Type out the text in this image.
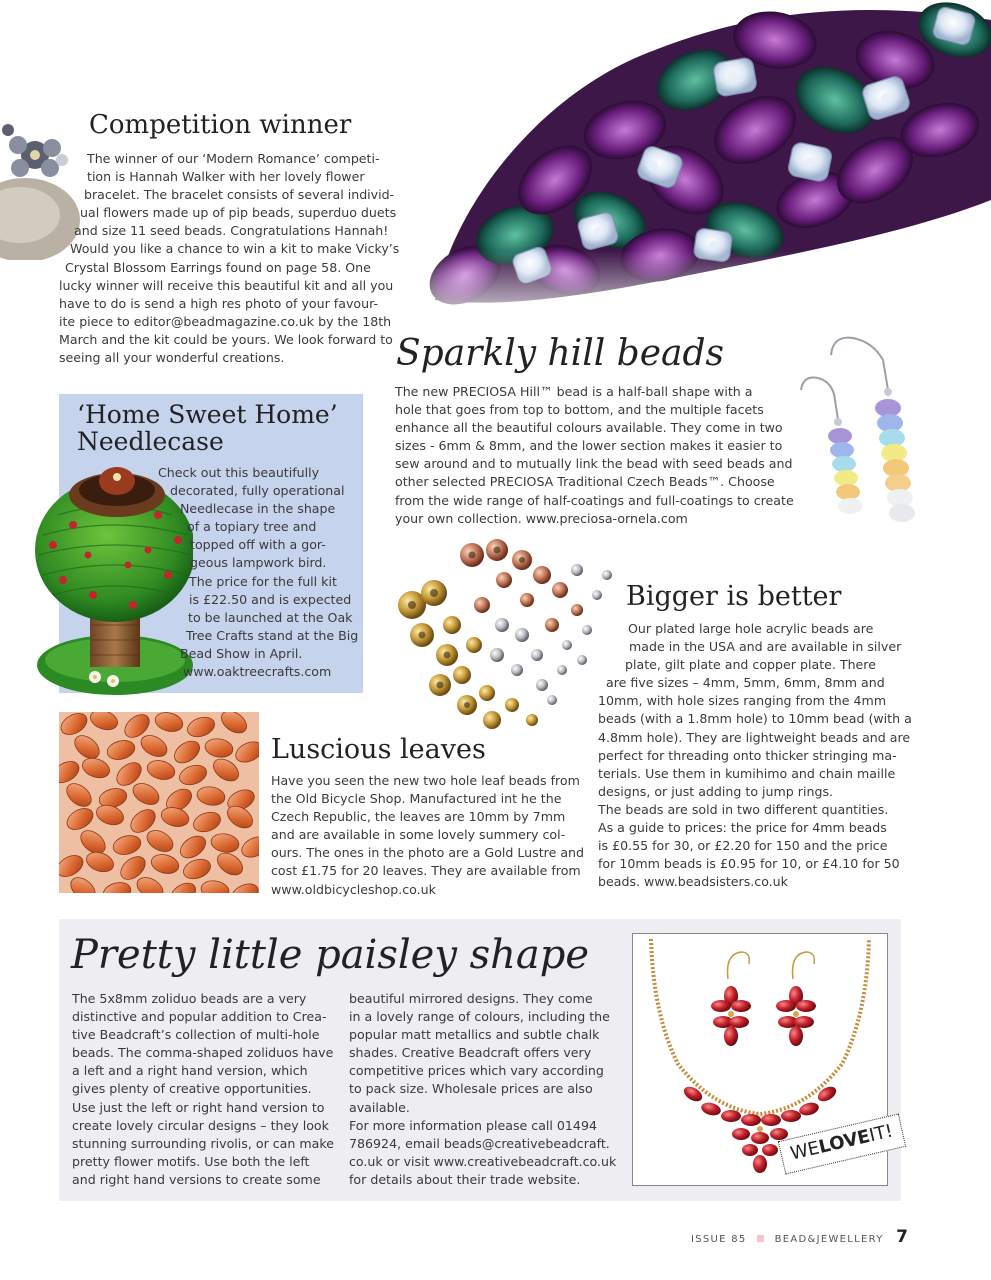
Competition winner
The winner of our ‘Modern Romance’ competi-
tion is Hannah Walker with her lovely flower
bracelet. The bracelet consists of several individ-
ual flowers made up of pip beads, superduo duets
and size 11 seed beads. Congratulations Hannah!
Would you like a chance to win a kit to make Vicky’s
Crystal Blossom Earrings found on page 58. One
lucky winner will receive this beautiful kit and all you
have to do is send a high res photo of your favour-
ite piece to editor@beadmagazine.co.uk by the 18th
March and the kit could be yours. We look forward to
seeing all your wonderful creations.
‘Home Sweet Home’
Needlecase
Check out this beautifully
decorated, fully operational
Needlecase in the shape
of a topiary tree and
topped off with a gor-
geous lampwork bird.
The price for the full kit
is £22.50 and is expected
to be launched at the Oak
Tree Crafts stand at the Big
Bead Show in April.
www.oaktreecrafts.com
Sparkly hill beads
The new PRECIOSA Hill™ bead is a half-ball shape with a
hole that goes from top to bottom, and the multiple facets
enhance all the beautiful colours available. They come in two
sizes - 6mm & 8mm, and the lower section makes it easier to
sew around and to mutually link the bead with seed beads and
other selected PRECIOSA Traditional Czech Beads™. Choose
from the wide range of half-coatings and full-coatings to create
your own collection. www.preciosa-ornela.com
Bigger is better
Our plated large hole acrylic beads are
made in the USA and are available in silver
plate, gilt plate and copper plate. There
are five sizes – 4mm, 5mm, 6mm, 8mm and
10mm, with hole sizes ranging from the 4mm
beads (with a 1.8mm hole) to 10mm bead (with a
4.8mm hole). They are lightweight beads and are
perfect for threading onto thicker stringing ma-
terials. Use them in kumihimo and chain maille
designs, or just adding to jump rings.
The beads are sold in two different quantities.
As a guide to prices: the price for 4mm beads
is £0.55 for 30, or £2.20 for 150 and the price
for 10mm beads is £0.95 for 10, or £4.10 for 50
beads. www.beadsisters.co.uk
Luscious leaves
Have you seen the new two hole leaf beads from
the Old Bicycle Shop. Manufactured int he the
Czech Republic, the leaves are 10mm by 7mm
and are available in some lovely summery col-
ours. The ones in the photo are a Gold Lustre and
cost £1.75 for 20 leaves. They are available from
www.oldbicycleshop.co.uk
Pretty little paisley shape
The 5x8mm zoliduo beads are a very
distinctive and popular addition to Crea-
tive Beadcraft’s collection of multi-hole
beads. The comma-shaped zoliduos have
a left and a right hand version, which
gives plenty of creative opportunities.
Use just the left or right hand version to
create lovely circular designs – they look
stunning surrounding rivolis, or can make
pretty flower motifs. Use both the left
and right hand versions to create some
beautiful mirrored designs. They come
in a lovely range of colours, including the
popular matt metallics and subtle chalk
shades. Creative Beadcraft offers very
competitive prices which vary according
to pack size. Wholesale prices are also
available.
For more information please call 01494
786924, email beads@creativebeadcraft.
co.uk or visit www.creativebeadcraft.co.uk
for details about their trade website.
WELOVEIT!
ISSUE 85	BEAD&JEWELLERY 7
